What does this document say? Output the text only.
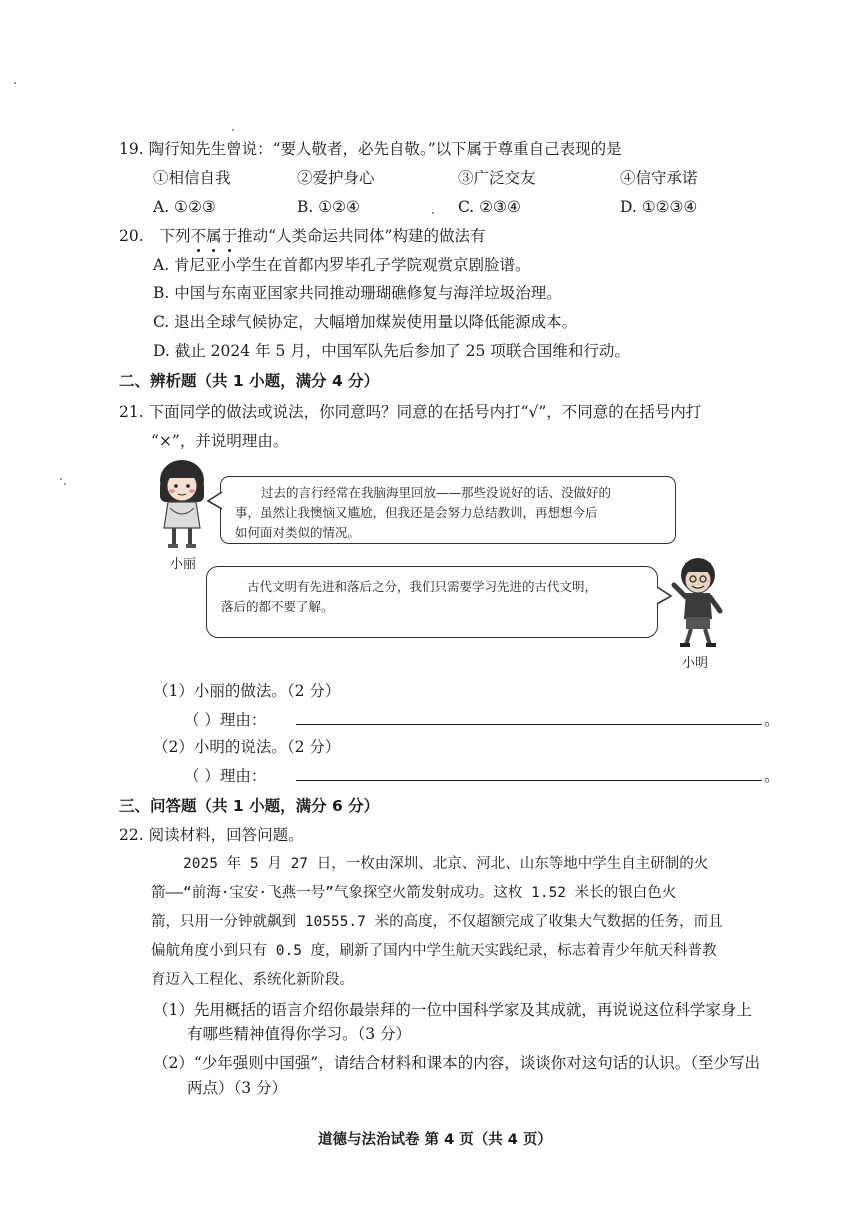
19. 陶行知先生曾说：“要人敬者，必先自敬。”以下属于尊重自己表现的是
①相信自我	②爱护身心	③广泛交友	④信守承诺
A. ①②③	B. ①②④	C. ②③④	D. ①②③④
20. 下列不属于推动“人类命运共同体”构建的做法有
A. 肯尼亚小学生在首都内罗毕孔子学院观赏京剧脸谱。
B. 中国与东南亚国家共同推动珊瑚礁修复与海洋垃圾治理。
C. 退出全球气候协定，大幅增加煤炭使用量以降低能源成本。
D. 截止 2024 年 5 月，中国军队先后参加了 25 项联合国维和行动。
二、辨析题（共 1 小题，满分 4 分）
21. 下面同学的做法或说法，你同意吗？同意的在括号内打“√”，不同意的在括号内打
“×”，并说明理由。
小丽
过去的言行经常在我脑海里回放——那些没说好的话、没做好的
事，虽然让我懊恼又尴尬，但我还是会努力总结教训，再想想今后
如何面对类似的情况。
古代文明有先进和落后之分，我们只需要学习先进的古代文明，
落后的都不要了解。
小明
（1）小丽的做法。（2 分）
（ ）理由：	。
（2）小明的说法。（2 分）
（ ）理由：	。
三、问答题（共 1 小题，满分 6 分）
22. 阅读材料，回答问题。
2025 年 5 月 27 日，一枚由深圳、北京、河北、山东等地中学生自主研制的火
箭——“前海·宝安·飞燕一号”气象探空火箭发射成功。这枚 1.52 米长的银白色火
箭，只用一分钟就飙到 10555.7 米的高度，不仅超额完成了收集大气数据的任务，而且
偏航角度小到只有 0.5 度，刷新了国内中学生航天实践纪录，标志着青少年航天科普教
育迈入工程化、系统化新阶段。
（1）先用概括的语言介绍你最崇拜的一位中国科学家及其成就，再说说这位科学家身上
有哪些精神值得你学习。（3 分）
（2）“少年强则中国强”，请结合材料和课本的内容，谈谈你对这句话的认识。（至少写出
两点）（3 分）
道德与法治试卷 第 4 页（共 4 页）
